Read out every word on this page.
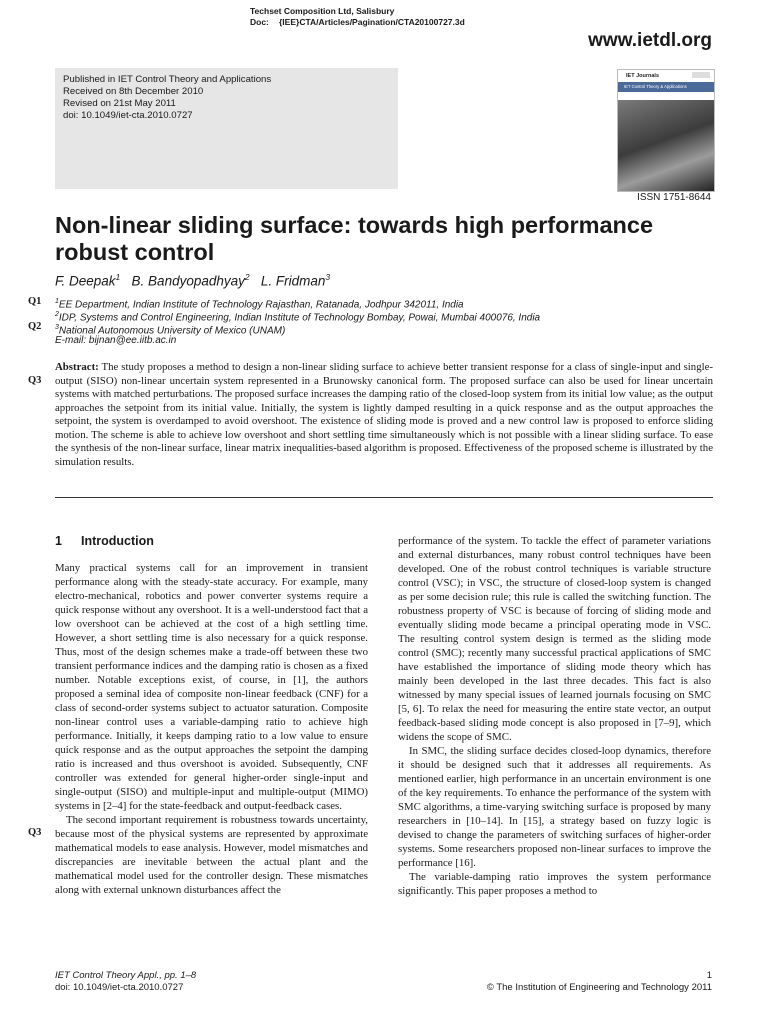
Techset Composition Ltd, Salisbury
Doc: {IEE}CTA/Articles/Pagination/CTA20100727.3d
www.ietdl.org
Published in IET Control Theory and Applications
Received on 8th December 2010
Revised on 21st May 2011
doi: 10.1049/iet-cta.2010.0727
IET Journals
IET Control Theory & Applications
ISSN 1751-8644
Non-linear sliding surface: towards high performance robust control
F. Deepak$^1$ B. Bandyopadhyay$^2$ L. Fridman$^3$
Q1
Q2
$^1$EE Department, Indian Institute of Technology Rajasthan, Ratanada, Jodhpur 342011, India
$^2$IDP, Systems and Control Engineering, Indian Institute of Technology Bombay, Powai, Mumbai 400076, India
$^3$National Autonomous University of Mexico (UNAM)
E-mail: bijnan@ee.iitb.ac.in
Q3
Abstract: The study proposes a method to design a non-linear sliding surface to achieve better transient response for a class of single-input and single-output (SISO) non-linear uncertain system represented in a Brunowsky canonical form. The proposed surface can also be used for linear uncertain systems with matched perturbations. The proposed surface increases the damping ratio of the closed-loop system from its initial low value; as the output approaches the setpoint from its initial value. Initially, the system is lightly damped resulting in a quick response and as the output approaches the setpoint, the system is overdamped to avoid overshoot. The existence of sliding mode is proved and a new control law is proposed to enforce sliding motion. The scheme is able to achieve low overshoot and short settling time simultaneously which is not possible with a linear sliding surface. To ease the synthesis of the non-linear surface, linear matrix inequalities-based algorithm is proposed. Effectiveness of the proposed scheme is illustrated by the simulation results.
1 Introduction
Q3

Many practical systems call for an improvement in transient performance along with the steady-state accuracy. For example, many electro-mechanical, robotics and power converter systems require a quick response without any overshoot. It is a well-understood fact that a low overshoot can be achieved at the cost of a high settling time. However, a short settling time is also necessary for a quick response. Thus, most of the design schemes make a trade-off between these two transient performance indices and the damping ratio is chosen as a fixed number. Notable exceptions exist, of course, in [1], the authors proposed a seminal idea of composite non-linear feedback (CNF) for a class of second-order systems subject to actuator saturation. Composite non-linear control uses a variable-damping ratio to achieve high performance. Initially, it keeps damping ratio to a low value to ensure quick response and as the output approaches the setpoint the damping ratio is increased and thus overshoot is avoided. Subsequently, CNF controller was extended for general higher-order single-input and single-output (SISO) and multiple-input and multiple-output (MIMO) systems in [2–4] for the state-feedback and output-feedback cases.

The second important requirement is robustness towards uncertainty, because most of the physical systems are represented by approximate mathematical models to ease analysis. However, model mismatches and discrepancies are inevitable between the actual plant and the mathematical model used for the controller design. These mismatches along with external unknown disturbances affect the

performance of the system. To tackle the effect of parameter variations and external disturbances, many robust control techniques have been developed. One of the robust control techniques is variable structure control (VSC); in VSC, the structure of closed-loop system is changed as per some decision rule; this rule is called the switching function. The robustness property of VSC is because of forcing of sliding mode and eventually sliding mode became a principal operating mode in VSC. The resulting control system design is termed as the sliding mode control (SMC); recently many successful practical applications of SMC have established the importance of sliding mode theory which has mainly been developed in the last three decades. This fact is also witnessed by many special issues of learned journals focusing on SMC [5, 6]. To relax the need for measuring the entire state vector, an output feedback-based sliding mode concept is also proposed in [7–9], which widens the scope of SMC.

In SMC, the sliding surface decides closed-loop dynamics, therefore it should be designed such that it addresses all requirements. As mentioned earlier, high performance in an uncertain environment is one of the key requirements. To enhance the performance of the system with SMC algorithms, a time-varying switching surface is proposed by many researchers in [10–14]. In [15], a strategy based on fuzzy logic is devised to change the parameters of switching surfaces of higher-order systems. Some researchers proposed non-linear surfaces to improve the performance [16].

The variable-damping ratio improves the system performance significantly. This paper proposes a method to

IET Control Theory Appl., pp. 1–8
doi: 10.1049/iet-cta.2010.0727
1
© The Institution of Engineering and Technology 2011
